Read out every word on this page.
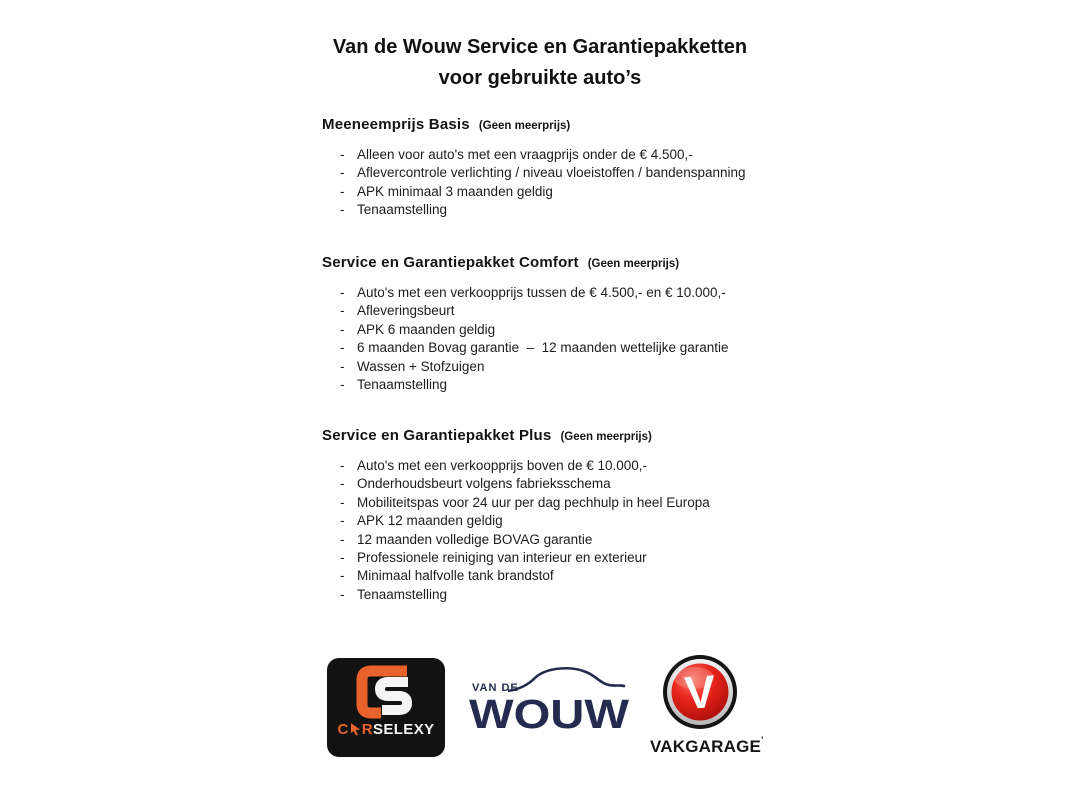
Van de Wouw Service en Garantiepakketten
voor gebruikte auto’s
Meeneemprijs Basis (Geen meerprijs)
- Alleen voor auto's met een vraagprijs onder de € 4.500,-
- Aflevercontrole verlichting / niveau vloeistoffen / bandenspanning
- APK minimaal 3 maanden geldig
- Tenaamstelling
Service en Garantiepakket Comfort (Geen meerprijs)
- Auto's met een verkoopprijs tussen de € 4.500,- en € 10.000,-
- Afleveringsbeurt
- APK 6 maanden geldig
- 6 maanden Bovag garantie  –  12 maanden wettelijke garantie
- Wassen + Stofzuigen
- Tenaamstelling
Service en Garantiepakket Plus (Geen meerprijs)
- Auto's met een verkoopprijs boven de € 10.000,-
- Onderhoudsbeurt volgens fabrieksschema
- Mobiliteitspas voor 24 uur per dag pechhulp in heel Europa
- APK 12 maanden geldig
- 12 maanden volledige BOVAG garantie
- Professionele reiniging van interieur en exterieur
- Minimaal halfvolle tank brandstof
- Tenaamstelling
C R SELEXY
VAN DE
WOUW V
VAKGARAGE’
